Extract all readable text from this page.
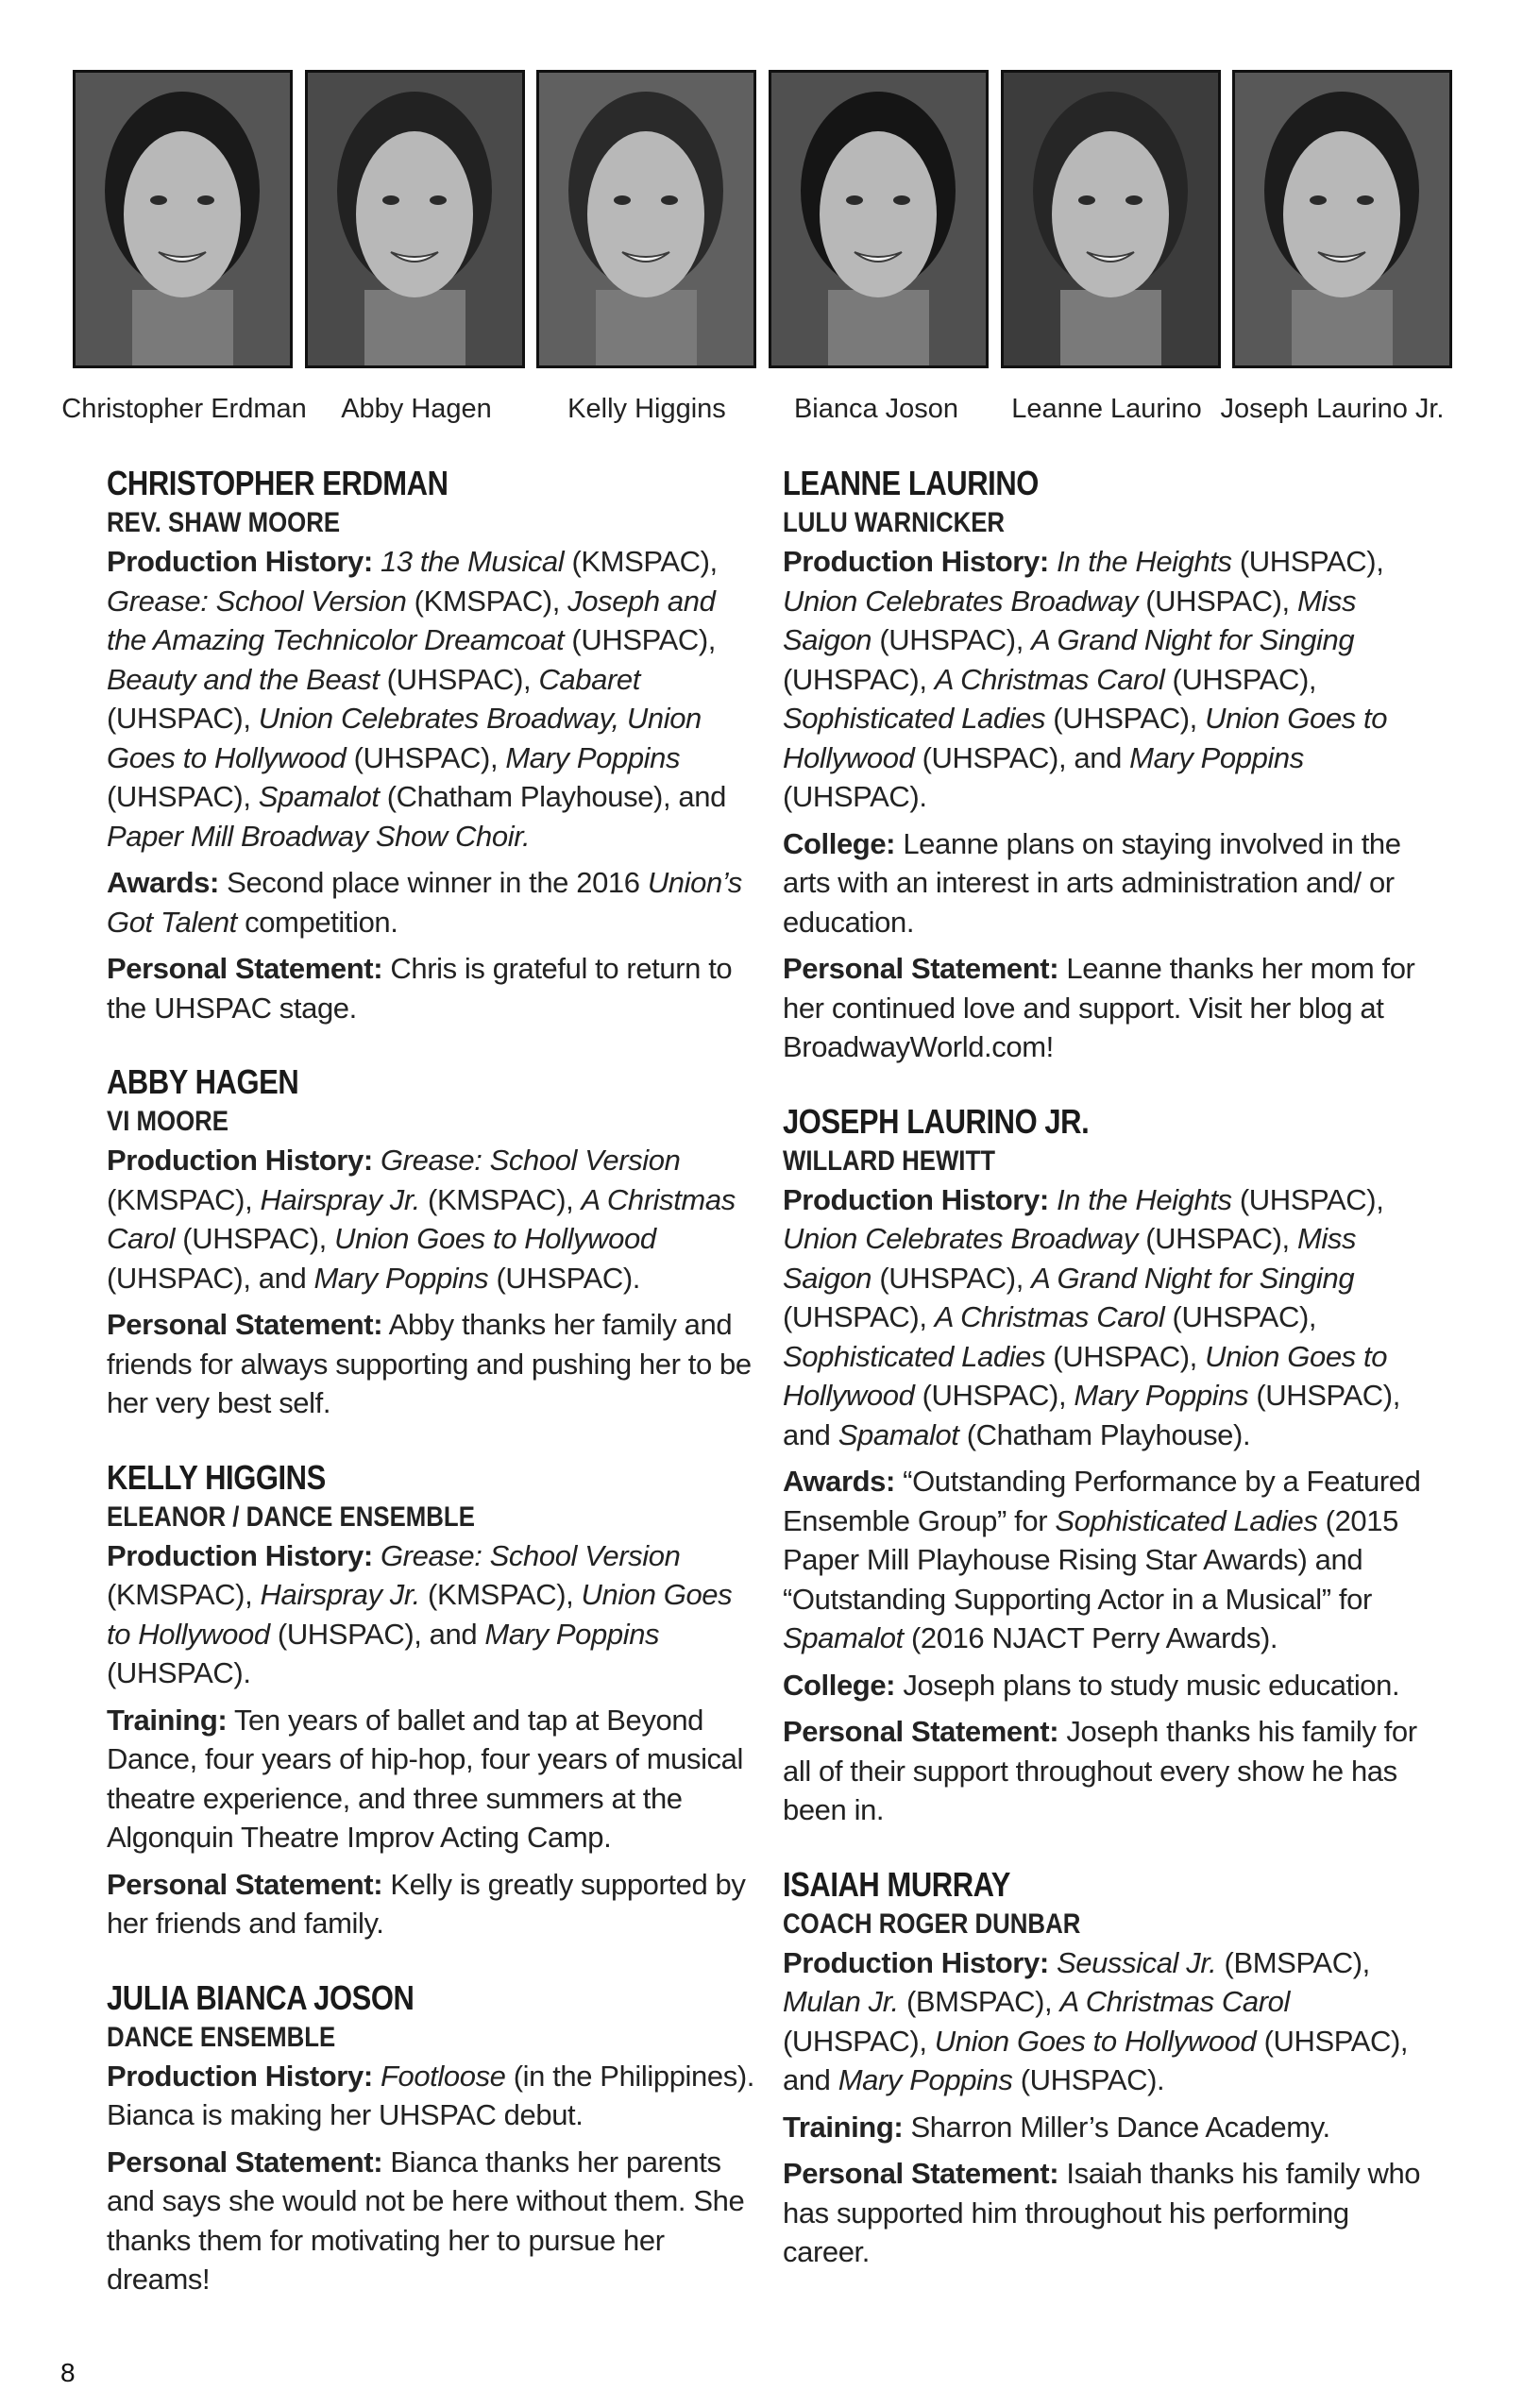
Christopher Erdman Abby Hagen	Kelly Higgins Bianca Joson Leanne Laurino Joseph Laurino Jr.
CHRISTOPHER ERDMAN
REV. SHAW MOORE

Production History: 13 the Musical (KMSPAC), Grease: School Version (KMSPAC), Joseph and the Amazing Technicolor Dreamcoat (UHSPAC), Beauty and the Beast (UHSPAC), Cabaret (UHSPAC), Union Celebrates Broadway, Union Goes to Hollywood (UHSPAC), Mary Poppins (UHSPAC), Spamalot (Chatham Playhouse), and Paper Mill Broadway Show Choir.

Awards: Second place winner in the 2016 Union’s Got Talent competition.

Personal Statement: Chris is grateful to return to the UHSPAC stage.

ABBY HAGEN
VI MOORE

Production History: Grease: School Version (KMSPAC), Hairspray Jr. (KMSPAC), A Christmas Carol (UHSPAC), Union Goes to Hollywood (UHSPAC), and Mary Poppins (UHSPAC).

Personal Statement: Abby thanks her family and friends for always supporting and pushing her to be her very best self.

KELLY HIGGINS
ELEANOR / DANCE ENSEMBLE

Production History: Grease: School Version (KMSPAC), Hairspray Jr. (KMSPAC), Union Goes to Hollywood (UHSPAC), and Mary Poppins (UHSPAC).

Training: Ten years of ballet and tap at Beyond Dance, four years of hip-hop, four years of musical theatre experience, and three summers at the Algonquin Theatre Improv Acting Camp.

Personal Statement: Kelly is greatly supported by her friends and family.

JULIA BIANCA JOSON
DANCE ENSEMBLE

Production History: Footloose (in the Philippines). Bianca is making her UHSPAC debut.

Personal Statement: Bianca thanks her parents and says she would not be here without them. She thanks them for motivating her to pursue her dreams!

LEANNE LAURINO
LULU WARNICKER

Production History: In the Heights (UHSPAC), Union Celebrates Broadway (UHSPAC), Miss Saigon (UHSPAC), A Grand Night for Singing (UHSPAC), A Christmas Carol (UHSPAC), Sophisticated Ladies (UHSPAC), Union Goes to Hollywood (UHSPAC), and Mary Poppins (UHSPAC).

College: Leanne plans on staying involved in the arts with an interest in arts administration and/ or education.

Personal Statement: Leanne thanks her mom for her continued love and support. Visit her blog at BroadwayWorld.com!

JOSEPH LAURINO JR.
WILLARD HEWITT

Production History: In the Heights (UHSPAC), Union Celebrates Broadway (UHSPAC), Miss Saigon (UHSPAC), A Grand Night for Singing (UHSPAC), A Christmas Carol (UHSPAC), Sophisticated Ladies (UHSPAC), Union Goes to Hollywood (UHSPAC), Mary Poppins (UHSPAC), and Spamalot (Chatham Playhouse).

Awards: “Outstanding Performance by a Featured Ensemble Group” for Sophisticated Ladies (2015 Paper Mill Playhouse Rising Star Awards) and “Outstanding Supporting Actor in a Musical” for Spamalot (2016 NJACT Perry Awards).

College: Joseph plans to study music education.

Personal Statement: Joseph thanks his family for all of their support throughout every show he has been in.

ISAIAH MURRAY
COACH ROGER DUNBAR

Production History: Seussical Jr. (BMSPAC), Mulan Jr. (BMSPAC), A Christmas Carol (UHSPAC), Union Goes to Hollywood (UHSPAC), and Mary Poppins (UHSPAC).

Training: Sharron Miller’s Dance Academy.

Personal Statement: Isaiah thanks his family who has supported him throughout his performing career.

8
